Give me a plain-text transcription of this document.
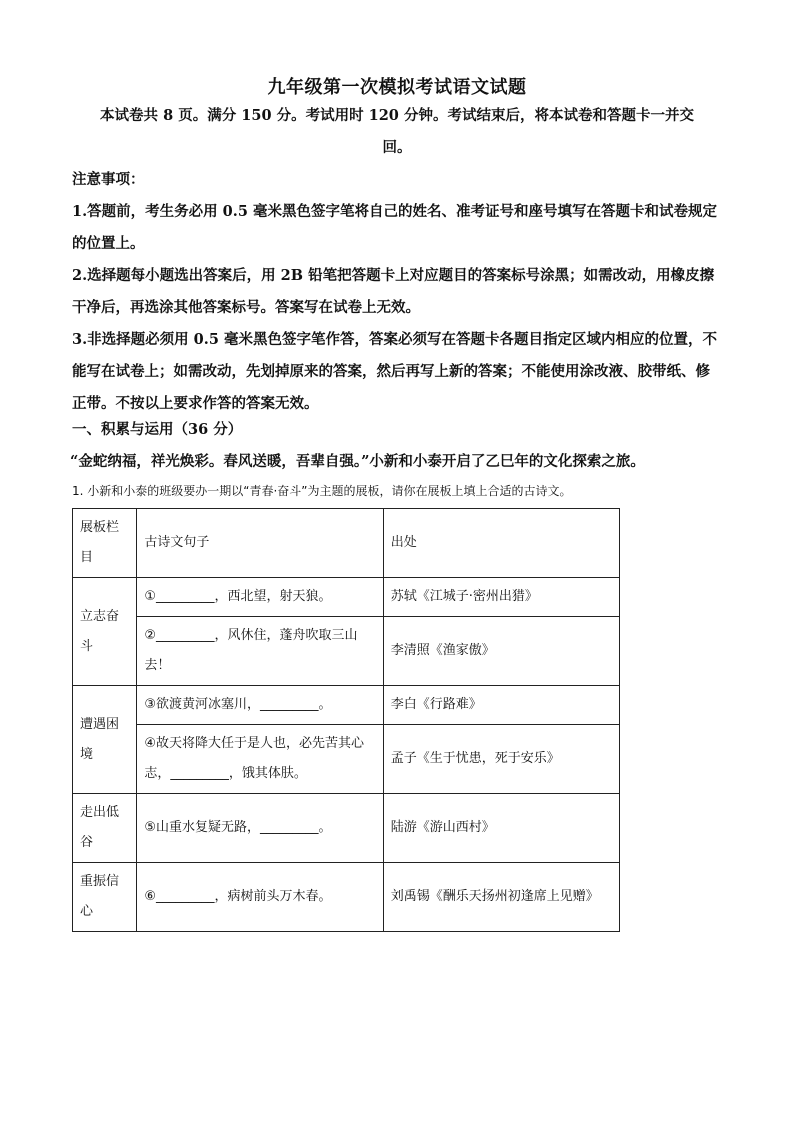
九年级第一次模拟考试语文试题

本试卷共 8 页。满分 150 分。考试用时 120 分钟。考试结束后，将本试卷和答题卡一并交

回。

注意事项：

1.答题前，考生务必用 0.5 毫米黑色签字笔将自己的姓名、准考证号和座号填写在答题卡和试卷规定的位置上。

2.选择题每小题选出答案后，用 2B 铅笔把答题卡上对应题目的答案标号涂黑；如需改动，用橡皮擦干净后，再选涂其他答案标号。答案写在试卷上无效。

3.非选择题必须用 0.5 毫米黑色签字笔作答，答案必须写在答题卡各题目指定区域内相应的位置，不能写在试卷上；如需改动，先划掉原来的答案，然后再写上新的答案；不能使用涂改液、胶带纸、修正带。不按以上要求作答的答案无效。

一、积累与运用（36 分）

“金蛇纳福，祥光焕彩。春风送暖，吾辈自强。”小新和小泰开启了乙巳年的文化探索之旅。

1. 小新和小泰的班级要办一期以“青春·奋斗”为主题的展板，请你在展板上填上合适的古诗文。
展板栏目	古诗文句子	出处
立志奋斗	①_________，西北望，射天狼。	苏轼《江城子·密州出猎》
	②_________，风休住，蓬舟吹取三山去！	李清照《渔家傲》
遭遇困境	③欲渡黄河冰塞川，_________。	李白《行路难》
	④故天将降大任于是人也，必先苦其心志，_________，饿其体肤。	孟子《生于忧患，死于安乐》
走出低谷	⑤山重水复疑无路，_________。	陆游《游山西村》
重振信心	⑥_________，病树前头万木春。	刘禹锡《酬乐天扬州初逢席上见赠》
